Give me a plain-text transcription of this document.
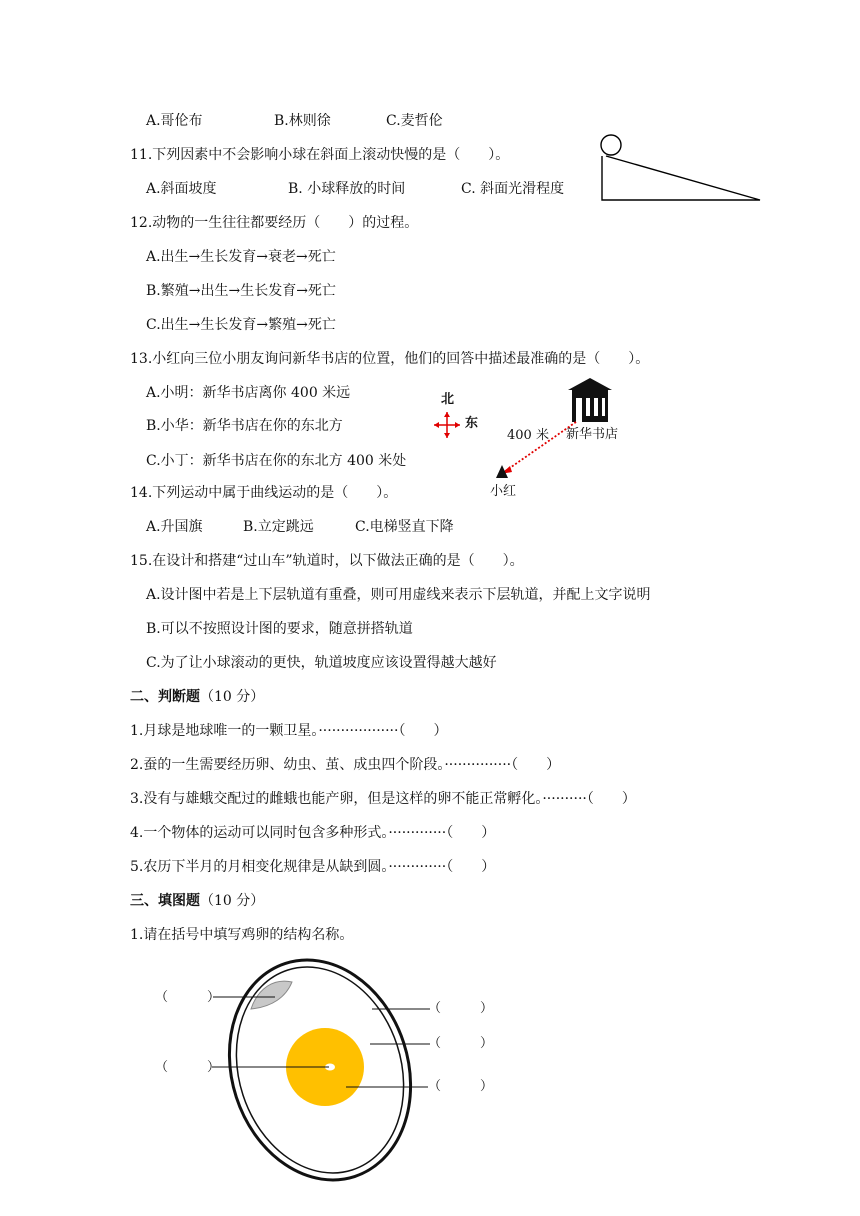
A.哥伦布	B.林则徐	C.麦哲伦
11.下列因素中不会影响小球在斜面上滚动快慢的是（　　）。
A.斜面坡度	B. 小球释放的时间	C. 斜面光滑程度
12.动物的一生往往都要经历（　　）的过程。
A.出生→生长发育→衰老→死亡
B.繁殖→出生→生长发育→死亡
C.出生→生长发育→繁殖→死亡
13.小红向三位小朋友询问新华书店的位置，他们的回答中描述最准确的是（　　）。
A.小明：新华书店离你 400 米远
B.小华：新华书店在你的东北方
C.小丁：新华书店在你的东北方 400 米处
北
东
新华书店
400 米
小红
14.下列运动中属于曲线运动的是（　　）。
A.升国旗	B.立定跳远	C.电梯竖直下降
15.在设计和搭建“过山车”轨道时，以下做法正确的是（　　）。
A.设计图中若是上下层轨道有重叠，则可用虚线来表示下层轨道，并配上文字说明
B.可以不按照设计图的要求，随意拼搭轨道
C.为了让小球滚动的更快，轨道坡度应该设置得越大越好
二、判断题（10 分）
1.月球是地球唯一的一颗卫星。··················（　　）
2.蚕的一生需要经历卵、幼虫、茧、成虫四个阶段。···············（　　）
3.没有与雄蛾交配过的雌蛾也能产卵，但是这样的卵不能正常孵化。··········（　　）
4.一个物体的运动可以同时包含多种形式。·············（　　）
5.农历下半月的月相变化规律是从缺到圆。·············（　　）
三、填图题（10 分）
1.请在括号中填写鸡卵的结构名称。
（　　　）
（　　　）
（　　　）
（　　　）
（　　　）
